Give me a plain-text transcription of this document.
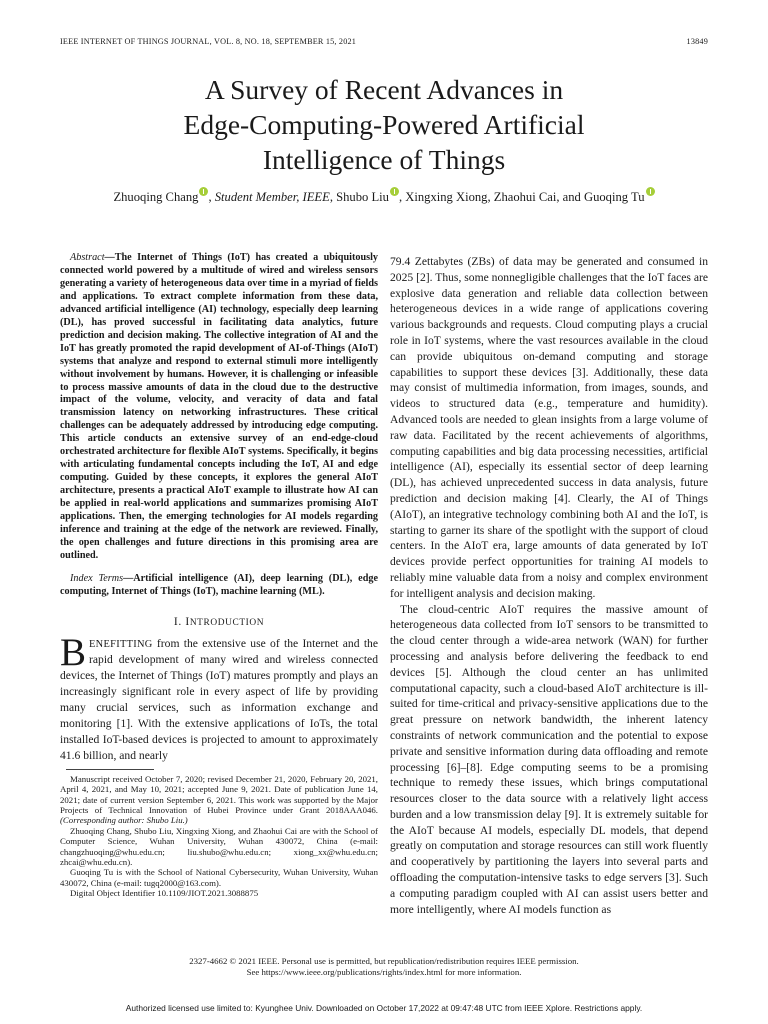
IEEE INTERNET OF THINGS JOURNAL, VOL. 8, NO. 18, SEPTEMBER 15, 2021	13849
A Survey of Recent Advances in
Edge-Computing-Powered Artificial
Intelligence of Things
Zhuoqing Chang , Student Member, IEEE, Shubo Liu , Xingxing Xiong, Zhaohui Cai, and Guoqing Tu

Abstract—The Internet of Things (IoT) has created a ubiquitously connected world powered by a multitude of wired and wireless sensors generating a variety of heterogeneous data over time in a myriad of fields and applications. To extract complete information from these data, advanced artificial intelligence (AI) technology, especially deep learning (DL), has proved successful in facilitating data analytics, future prediction and decision making. The collective integration of AI and the IoT has greatly promoted the rapid development of AI-of-Things (AIoT) systems that analyze and respond to external stimuli more intelligently without involvement by humans. However, it is challenging or infeasible to process massive amounts of data in the cloud due to the destructive impact of the volume, velocity, and veracity of data and fatal transmission latency on networking infrastructures. These critical challenges can be adequately addressed by introducing edge computing. This article conducts an extensive survey of an end-edge-cloud orchestrated architecture for flexible AIoT systems. Specifically, it begins with articulating fundamental concepts including the IoT, AI and edge computing. Guided by these concepts, it explores the general AIoT architecture, presents a practical AIoT example to illustrate how AI can be applied in real-world applications and summarizes promising AIoT applications. Then, the emerging technologies for AI models regarding inference and training at the edge of the network are reviewed. Finally, the open challenges and future directions in this promising area are outlined.

Index Terms—Artificial intelligence (AI), deep learning (DL), edge computing, Internet of Things (IoT), machine learning (ML).

I. INTRODUCTION

BENEFITTING from the extensive use of the Internet and the rapid development of many wired and wireless connected devices, the Internet of Things (IoT) matures promptly and plays an increasingly significant role in every aspect of life by providing many crucial services, such as information exchange and monitoring [1]. With the extensive applications of IoTs, the total installed IoT-based devices is projected to amount to approximately 41.6 billion, and nearly

Manuscript received October 7, 2020; revised December 21, 2020, February 20, 2021, April 4, 2021, and May 10, 2021; accepted June 9, 2021. Date of publication June 14, 2021; date of current version September 6, 2021. This work was supported by the Major Projects of Technical Innovation of Hubei Province under Grant 2018AAA046. (Corresponding author: Shubo Liu.)

Zhuoqing Chang, Shubo Liu, Xingxing Xiong, and Zhaohui Cai are with the School of Computer Science, Wuhan University, Wuhan 430072, China (e-mail: changzhuoqing@whu.edu.cn; liu.shubo@whu.edu.cn; xiong_xx@whu.edu.cn; zhcai@whu.edu.cn).

Guoqing Tu is with the School of National Cybersecurity, Wuhan University, Wuhan 430072, China (e-mail: tugq2000@163.com).

Digital Object Identifier 10.1109/JIOT.2021.3088875

79.4 Zettabytes (ZBs) of data may be generated and consumed in 2025 [2]. Thus, some nonnegligible challenges that the IoT faces are explosive data generation and reliable data collection between heterogeneous devices in a wide range of applications covering various backgrounds and requests. Cloud computing plays a crucial role in IoT systems, where the vast resources available in the cloud can provide ubiquitous on-demand computing and storage capabilities to support these devices [3]. Additionally, these data may consist of multimedia information, from images, sounds, and videos to structured data (e.g., temperature and humidity). Advanced tools are needed to glean insights from a large volume of raw data. Facilitated by the recent achievements of algorithms, computing capabilities and big data processing necessities, artificial intelligence (AI), especially its essential sector of deep learning (DL), has achieved unprecedented success in data analysis, future prediction and decision making [4]. Clearly, the AI of Things (AIoT), an integrative technology combining both AI and the IoT, is starting to garner its share of the spotlight with the support of cloud centers. In the AIoT era, large amounts of data generated by IoT devices provide perfect opportunities for training AI models to reliably mine valuable data from a noisy and complex environment for intelligent analysis and decision making.

The cloud-centric AIoT requires the massive amount of heterogeneous data collected from IoT sensors to be transmitted to the cloud center through a wide-area network (WAN) for further processing and analysis before delivering the feedback to end devices [5]. Although the cloud center an has unlimited computational capacity, such a cloud-based AIoT architecture is ill-suited for time-critical and privacy-sensitive applications due to the great pressure on network bandwidth, the inherent latency constraints of network communication and the potential to expose private and sensitive information during data offloading and remote processing [6]–[8]. Edge computing seems to be a promising technique to remedy these issues, which brings computational resources closer to the data source with a relatively light access burden and a low transmission delay [9]. It is extremely suitable for the AIoT because AI models, especially DL models, that depend greatly on computation and storage resources can still work fluently and cooperatively by partitioning the layers into several parts and offloading the computation-intensive tasks to edge servers [3]. Such a computing paradigm coupled with AI can assist users better and more intelligently, where AI models function as

2327-4662 © 2021 IEEE. Personal use is permitted, but republication/redistribution requires IEEE permission.
See https://www.ieee.org/publications/rights/index.html for more information.
Authorized licensed use limited to: Kyunghee Univ. Downloaded on October 17,2022 at 09:47:48 UTC from IEEE Xplore. Restrictions apply.
